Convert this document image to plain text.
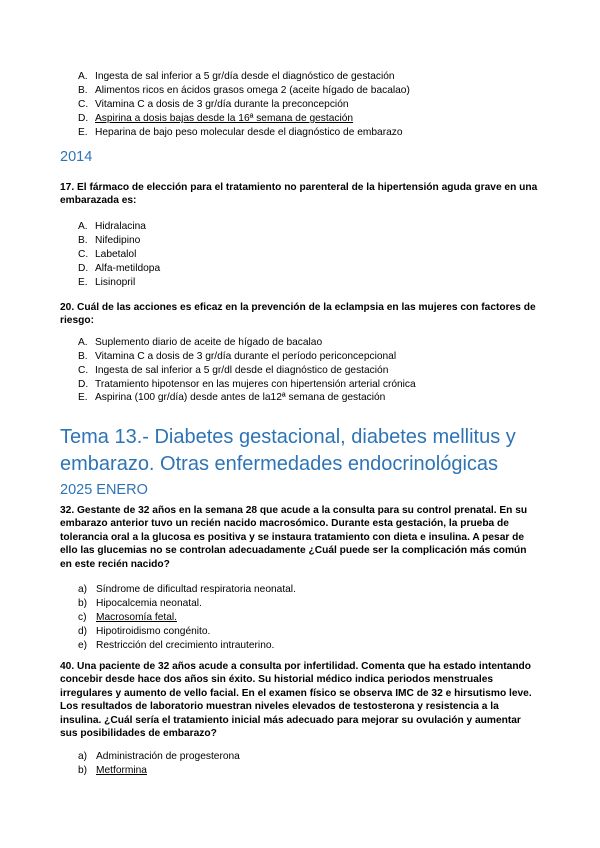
A. Ingesta de sal inferior a 5 gr/día desde el diagnóstico de gestación
B. Alimentos ricos en ácidos grasos omega 2 (aceite hígado de bacalao)
C. Vitamina C a dosis de 3 gr/día durante la preconcepción
D. Aspirina a dosis bajas desde la 16ª semana de gestación
E. Heparina de bajo peso molecular desde el diagnóstico de embarazo
2014
17. El fármaco de elección para el tratamiento no parenteral de la hipertensión aguda grave en una embarazada es:
A. Hidralacina
B. Nifedipino
C. Labetalol
D. Alfa-metildopa
E. Lisinopril
20. Cuál de las acciones es eficaz en la prevención de la eclampsia en las mujeres con factores de riesgo:
A. Suplemento diario de aceite de hígado de bacalao
B. Vitamina C a dosis de 3 gr/día durante el período periconcepcional
C. Ingesta de sal inferior a 5 gr/dl desde el diagnóstico de gestación
D. Tratamiento hipotensor en las mujeres con hipertensión arterial crónica
E. Aspirina (100 gr/día) desde antes de la12ª semana de gestación
Tema 13.- Diabetes gestacional, diabetes mellitus y embarazo. Otras enfermedades endocrinológicas
2025 ENERO
32. Gestante de 32 años en la semana 28 que acude a la consulta para su control prenatal. En su embarazo anterior tuvo un recién nacido macrosómico. Durante esta gestación, la prueba de tolerancia oral a la glucosa es positiva y se instaura tratamiento con dieta e insulina. A pesar de ello las glucemias no se controlan adecuadamente ¿Cuál puede ser la complicación más común en este recién nacido?
a) Síndrome de dificultad respiratoria neonatal.
b) Hipocalcemia neonatal.
c) Macrosomía fetal.
d) Hipotiroidismo congénito.
e) Restricción del crecimiento intrauterino.
40. Una paciente de 32 años acude a consulta por infertilidad. Comenta que ha estado intentando concebir desde hace dos años sin éxito. Su historial médico indica periodos menstruales irregulares y aumento de vello facial. En el examen físico se observa IMC de 32 e hirsutismo leve. Los resultados de laboratorio muestran niveles elevados de testosterona y resistencia a la insulina. ¿Cuál sería el tratamiento inicial más adecuado para mejorar su ovulación y aumentar sus posibilidades de embarazo?
a) Administración de progesterona
b) Metformina
